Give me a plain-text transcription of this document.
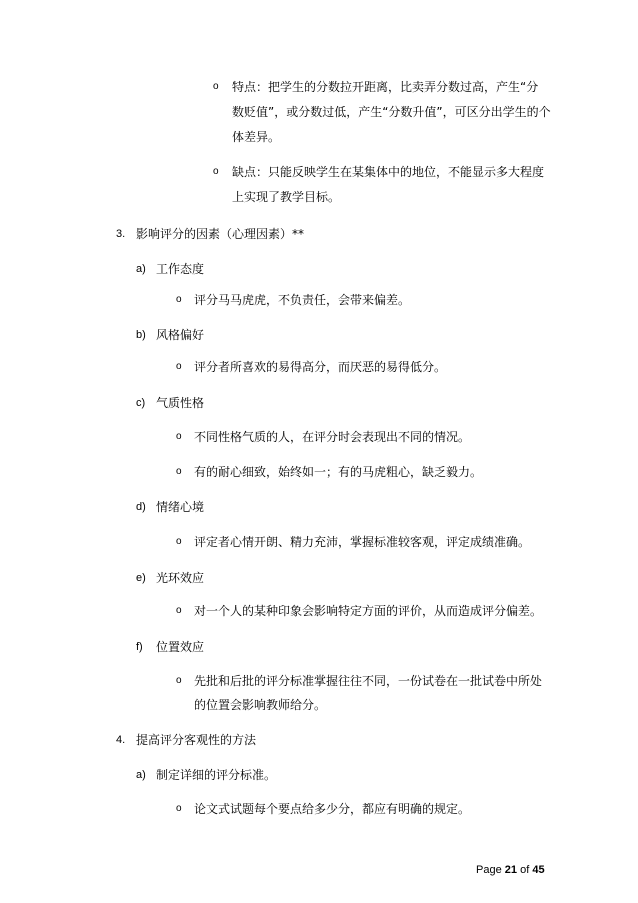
o 特点：把学生的分数拉开距离，比卖弄分数过高，产生“分
数贬值”，或分数过低，产生“分数升值”，可区分出学生的个
体差异。
o 缺点：只能反映学生在某集体中的地位，不能显示多大程度
上实现了教学目标。
3. 影响评分的因素（心理因素）**
a) 工作态度
o 评分马马虎虎，不负责任，会带来偏差。
b) 风格偏好
o 评分者所喜欢的易得高分，而厌恶的易得低分。
c) 气质性格
o 不同性格气质的人，在评分时会表现出不同的情况。
o 有的耐心细致，始终如一；有的马虎粗心，缺乏毅力。
d) 情绪心境
o 评定者心情开朗、精力充沛，掌握标准较客观，评定成绩准确。
e) 光环效应
o 对一个人的某种印象会影响特定方面的评价，从而造成评分偏差。
f) 位置效应
o 先批和后批的评分标准掌握往往不同，一份试卷在一批试卷中所处
的位置会影响教师给分。
4. 提高评分客观性的方法
a) 制定详细的评分标准。
o 论文式试题每个要点给多少分，都应有明确的规定。
Page 21 of 45
